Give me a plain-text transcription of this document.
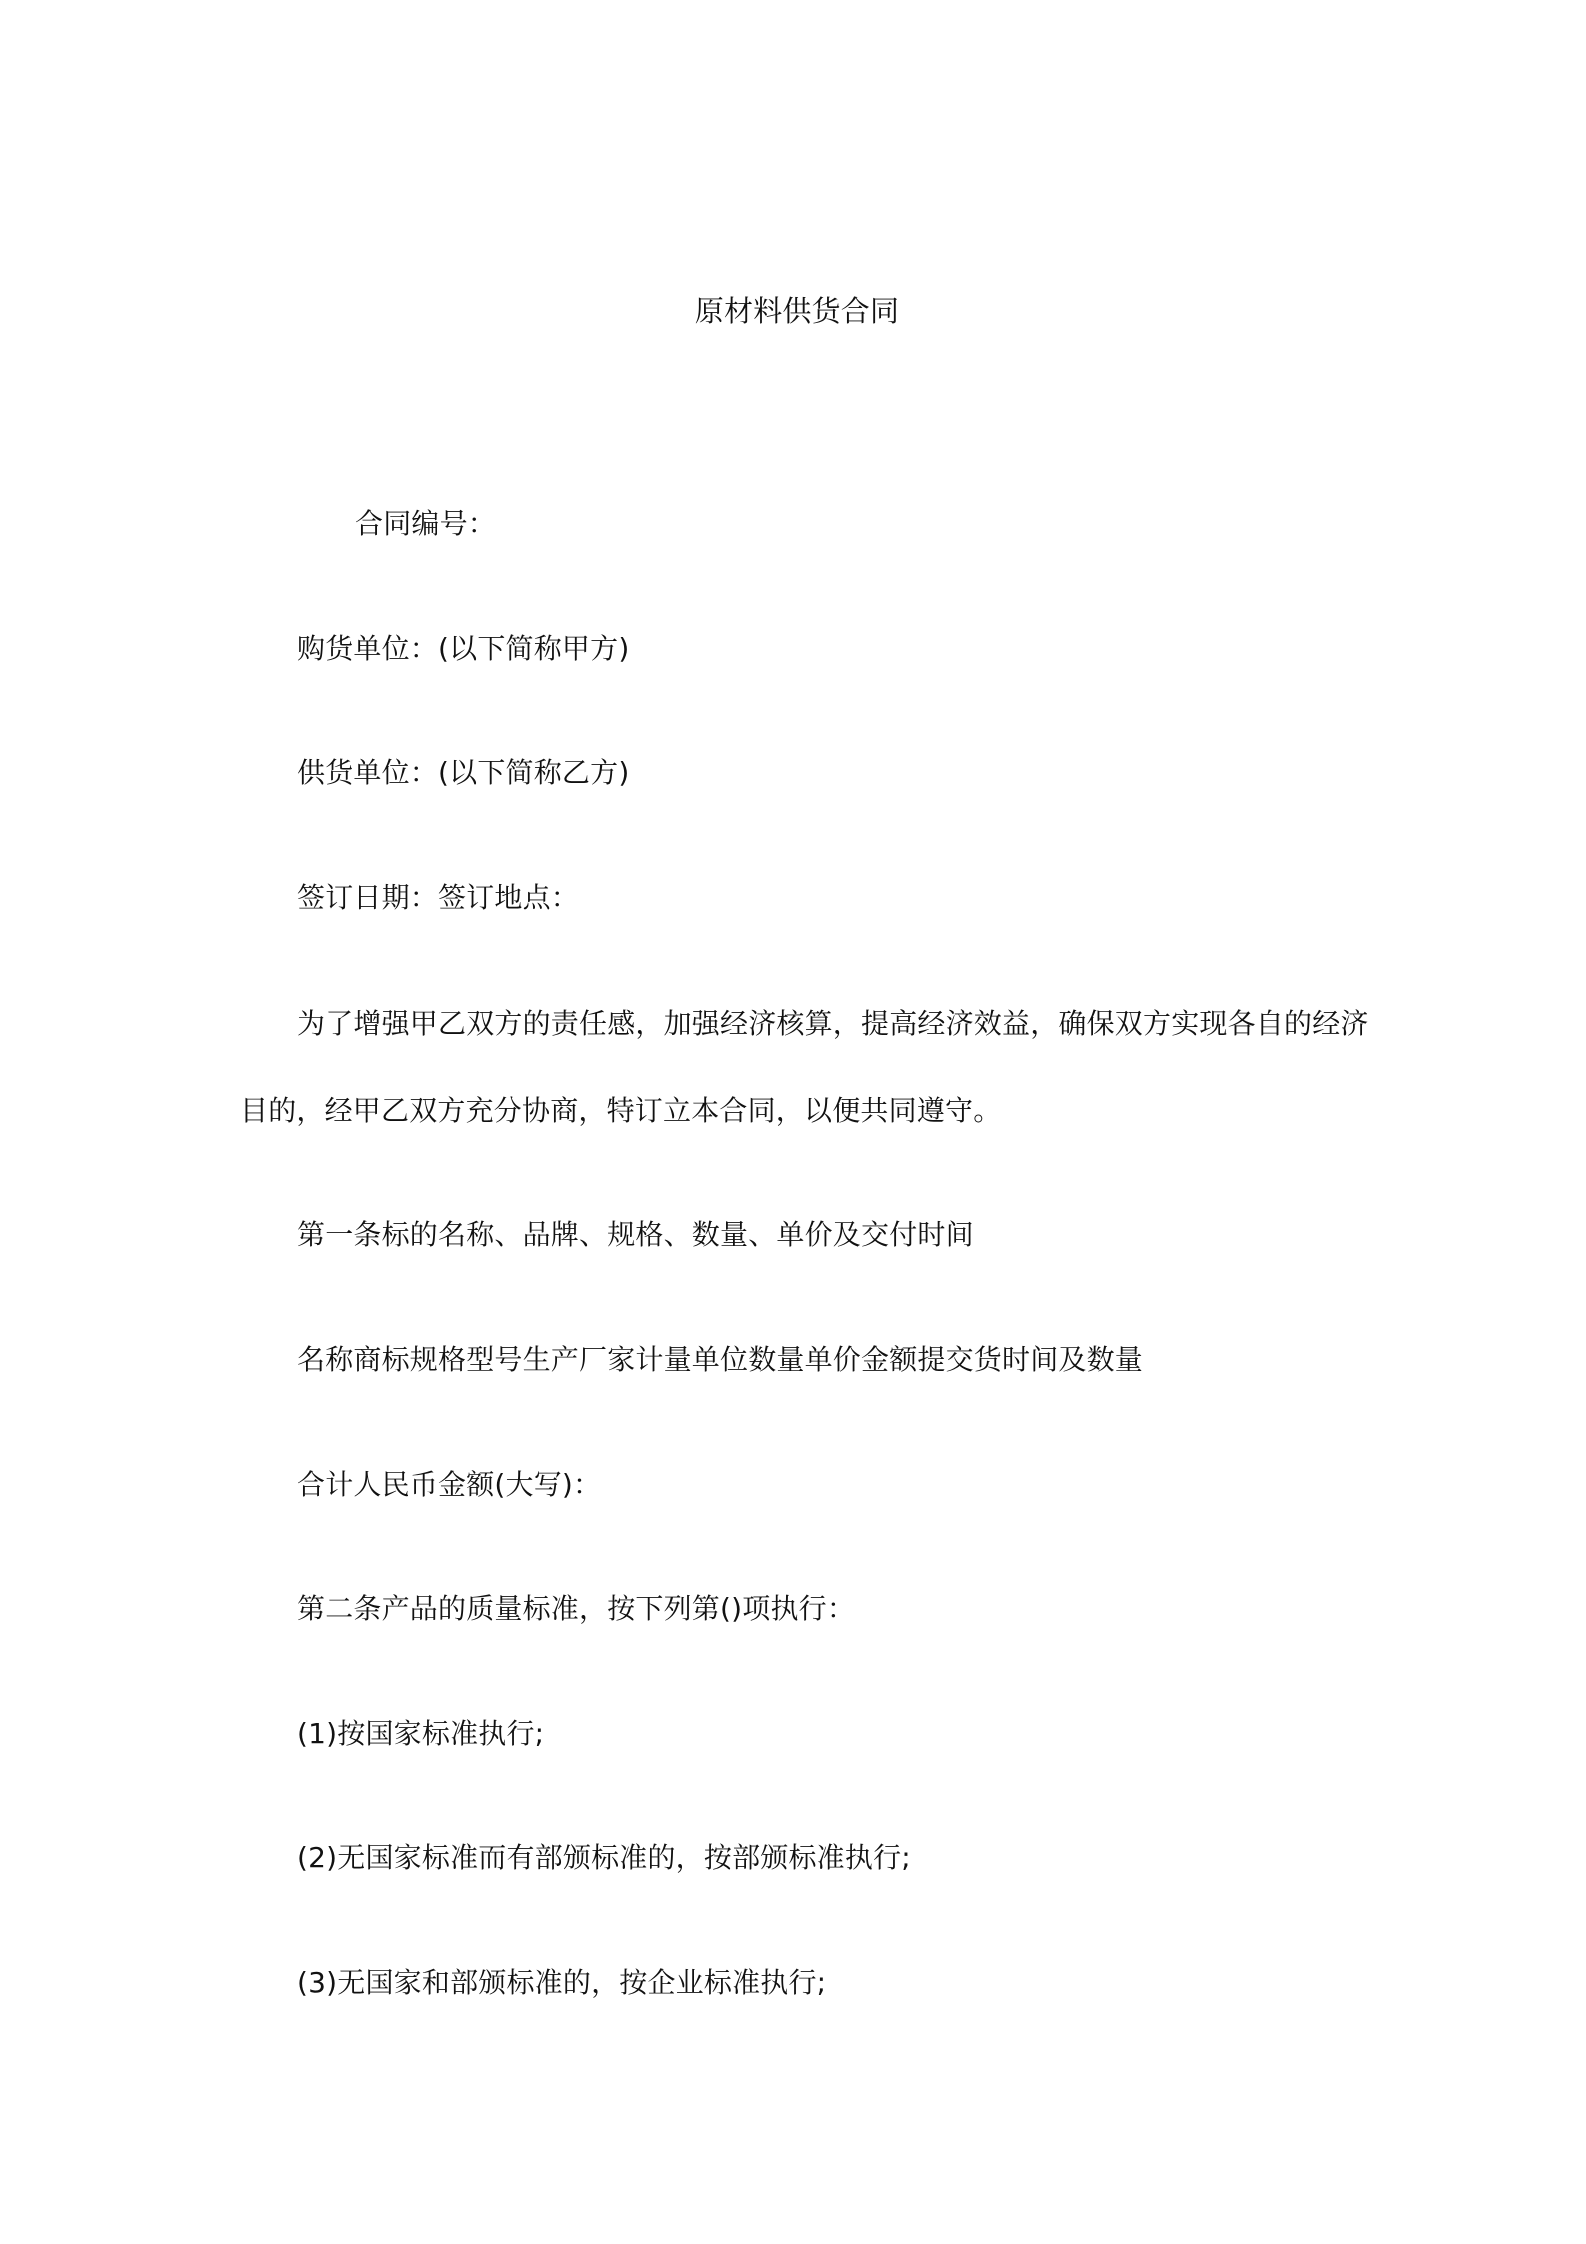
原材料供货合同

合同编号：

购货单位：(以下简称甲方)

供货单位：(以下简称乙方)

签订日期：签订地点：

为了增强甲乙双方的责任感，加强经济核算，提高经济效益，确保双方实现各自的经济

目的，经甲乙双方充分协商，特订立本合同，以便共同遵守。

第一条标的名称、品牌、规格、数量、单价及交付时间

名称商标规格型号生产厂家计量单位数量单价金额提交货时间及数量

合计人民币金额(大写)：

第二条产品的质量标准，按下列第()项执行：

(1)按国家标准执行;

(2)无国家标准而有部颁标准的，按部颁标准执行;

(3)无国家和部颁标准的，按企业标准执行;
